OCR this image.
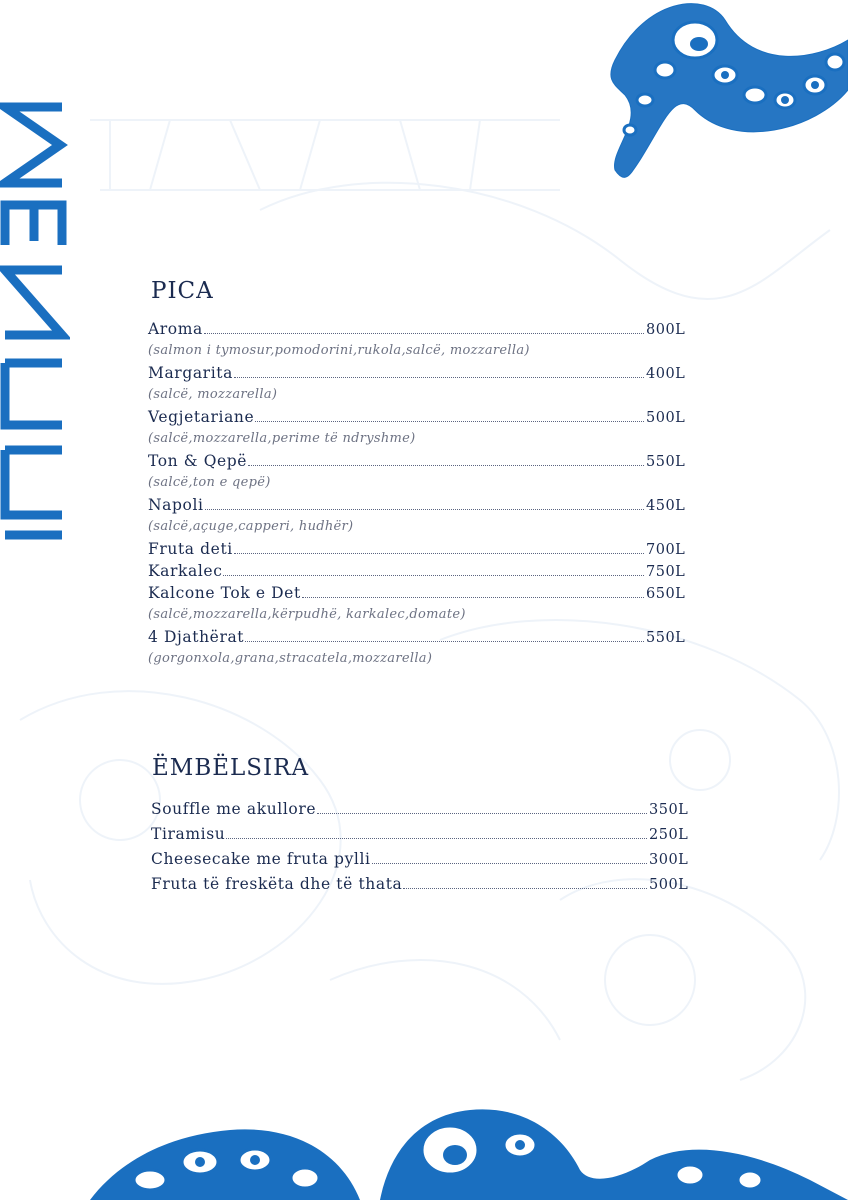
PICA
Aroma	800L
(salmon i tymosur,pomodorini,rukola,salcë, mozzarella)
Margarita	400L
(salcë, mozzarella)
Vegjetariane	500L
(salcë,mozzarella,perime të ndryshme)
Ton & Qepë	550L
(salcë,ton e qepë)
Napoli	450L
(salcë,açuge,capperi, hudhër)
Fruta deti	700L
Karkalec	750L
Kalcone Tok e Det	650L
(salcë,mozzarella,kërpudhë, karkalec,domate)
4 Djathërat	550L
(gorgonxola,grana,stracatela,mozzarella)
ËMBËLSIRA
Souffle me akullore	350L
Tiramisu	250L
Cheesecake me fruta pylli	300L
Fruta të freskëta dhe të thata	500L
